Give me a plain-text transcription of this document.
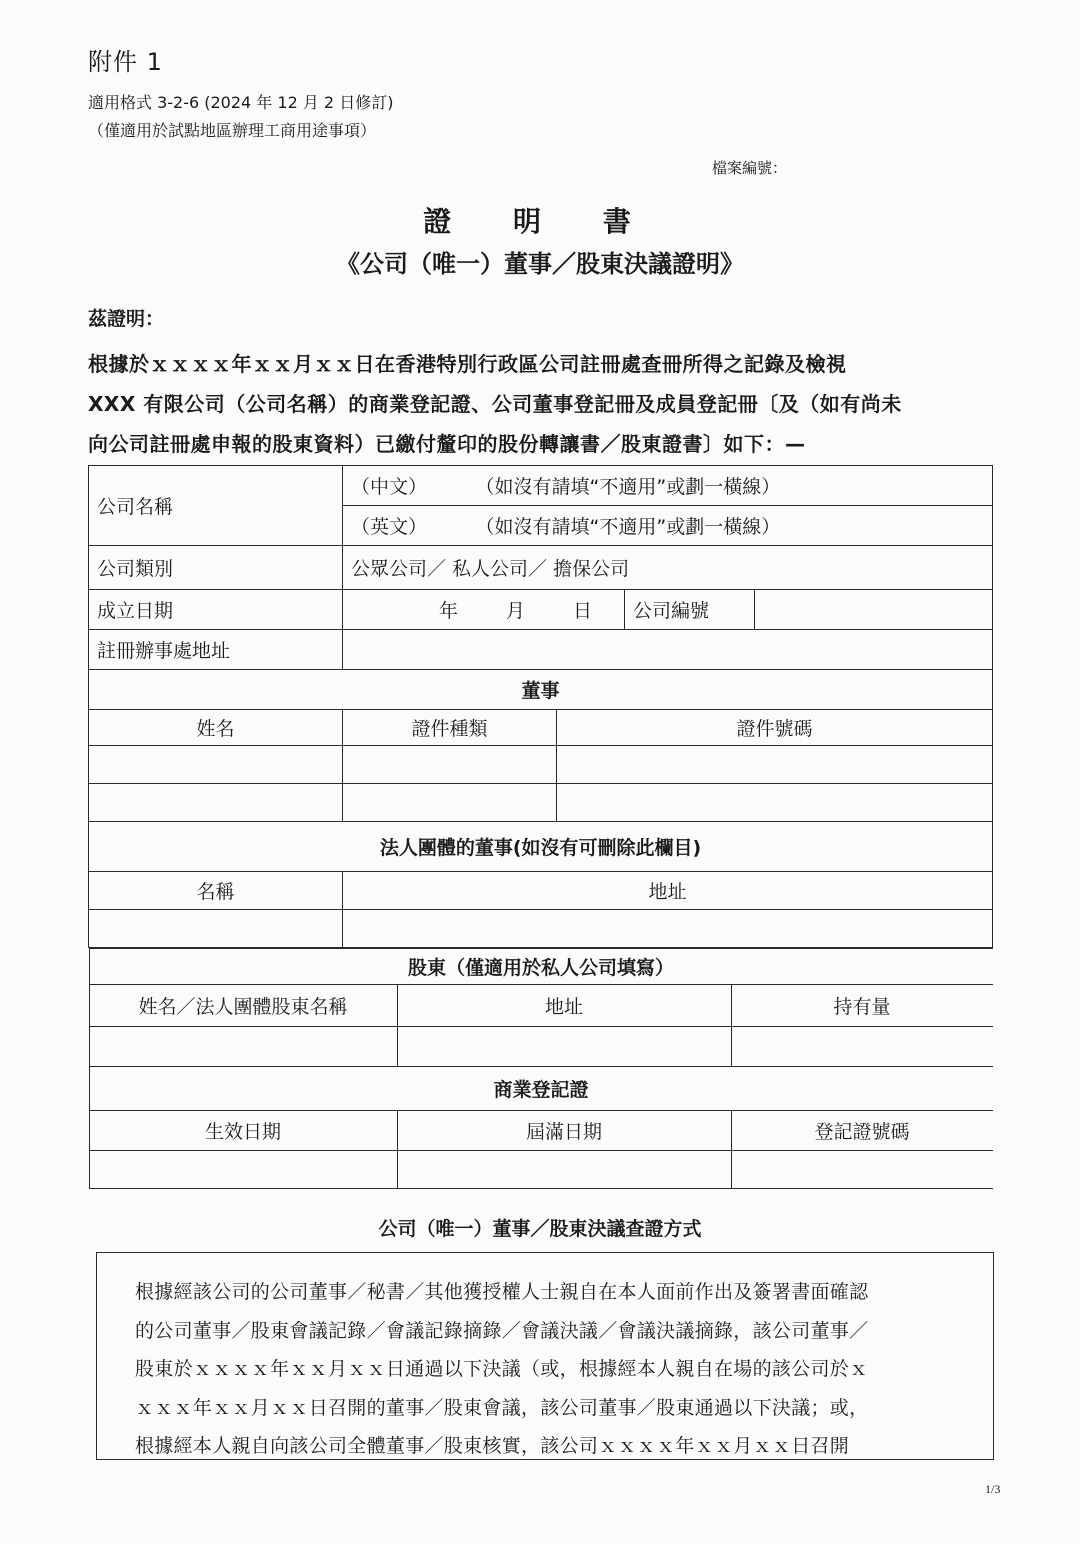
附件 1
適用格式 3-2-6 (2024 年 12 月 2 日修訂)
（僅適用於試點地區辦理工商用途事項）
檔案編號：
證 明 書
《公司（唯一）董事／股東決議證明》
茲證明：

根據於ｘｘｘｘ年ｘｘ月ｘｘ日在香港特別行政區公司註冊處查冊所得之記錄及檢視

XXX 有限公司（公司名稱）的商業登記證、公司董事登記冊及成員登記冊〔及（如有尚未

向公司註冊處申報的股東資料）已繳付釐印的股份轉讓書／股東證書〕如下：—

公司名稱	（中文）	（如沒有請填“不適用”或劃一橫線）
（英文）	（如沒有請填“不適用”或劃一橫線）
公司類別	公眾公司／ 私人公司／ 擔保公司
成立日期	年	月	日	公司編號	
註冊辦事處地址	
董事
姓名	證件種類	證件號碼

法人團體的董事(如沒有可刪除此欄目)
名稱	地址

股東（僅適用於私人公司填寫）
姓名／法人團體股東名稱	地址	持有量

商業登記證
生效日期	屆滿日期	登記證號碼

公司（唯一）董事／股東決議查證方式

根據經該公司的公司董事／秘書／其他獲授權人士親自在本人面前作出及簽署書面確認

的公司董事／股東會議記錄／會議記錄摘錄／會議決議／會議決議摘錄，該公司董事／

股東於ｘｘｘｘ年ｘｘ月ｘｘ日通過以下決議（或，根據經本人親自在場的該公司於ｘ

ｘｘｘ年ｘｘ月ｘｘ日召開的董事／股東會議，該公司董事／股東通過以下決議；或，

根據經本人親自向該公司全體董事／股東核實，該公司ｘｘｘｘ年ｘｘ月ｘｘ日召開

1/3
